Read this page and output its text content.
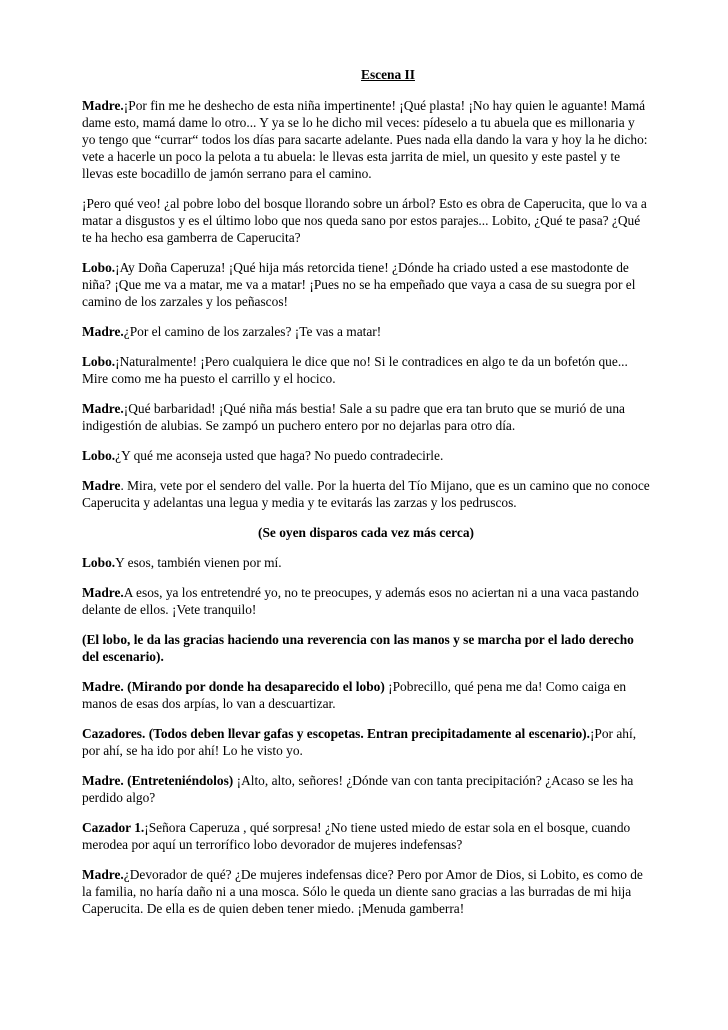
Escena II

Madre.¡Por fin me he deshecho de esta niña impertinente! ¡Qué plasta! ¡No hay quien le aguante! Mamá dame esto, mamá dame lo otro... Y ya se lo he dicho mil veces: pídeselo a tu abuela que es millonaria y yo tengo que “currar“ todos los días para sacarte adelante. Pues nada ella dando la vara y hoy la he dicho: vete a hacerle un poco la pelota a tu abuela: le llevas esta jarrita de miel, un quesito y este pastel y te llevas este bocadillo de jamón serrano para el camino.

¡Pero qué veo! ¿al pobre lobo del bosque llorando sobre un árbol? Esto es obra de Caperucita, que lo va a matar a disgustos y es el último lobo que nos queda sano por estos parajes... Lobito, ¿Qué te pasa? ¿Qué te ha hecho esa gamberra de Caperucita?

Lobo.¡Ay Doña Caperuza! ¡Qué hija más retorcida tiene! ¿Dónde ha criado usted a ese mastodonte de niña? ¡Que me va a matar, me va a matar! ¡Pues no se ha empeñado que vaya a casa de su suegra por el camino de los zarzales y los peñascos!

Madre.¿Por el camino de los zarzales? ¡Te vas a matar!

Lobo.¡Naturalmente! ¡Pero cualquiera le dice que no! Si le contradices en algo te da un bofetón que... Mire como me ha puesto el carrillo y el hocico.

Madre.¡Qué barbaridad! ¡Qué niña más bestia! Sale a su padre que era tan bruto que se murió de una indigestión de alubias. Se zampó un puchero entero por no dejarlas para otro día.

Lobo.¿Y qué me aconseja usted que haga? No puedo contradecirle.

Madre. Mira, vete por el sendero del valle. Por la huerta del Tío Mijano, que es un camino que no conoce Caperucita y adelantas una legua y media y te evitarás las zarzas y los pedruscos.

(Se oyen disparos cada vez más cerca)

Lobo.Y esos, también vienen por mí.

Madre.A esos, ya los entretendré yo, no te preocupes, y además esos no aciertan ni a una vaca pastando delante de ellos. ¡Vete tranquilo!

(El lobo, le da las gracias haciendo una reverencia con las manos y se marcha por el lado derecho del escenario).

Madre. (Mirando por donde ha desaparecido el lobo) ¡Pobrecillo, qué pena me da! Como caiga en manos de esas dos arpías, lo van a descuartizar.

Cazadores. (Todos deben llevar gafas y escopetas. Entran precipitadamente al escenario).¡Por ahí, por ahí, se ha ido por ahí! Lo he visto yo.

Madre. (Entreteniéndolos) ¡Alto, alto, señores! ¿Dónde van con tanta precipitación? ¿Acaso se les ha perdido algo?

Cazador 1.¡Señora Caperuza , qué sorpresa! ¿No tiene usted miedo de estar sola en el bosque, cuando merodea por aquí un terrorífico lobo devorador de mujeres indefensas?

Madre.¿Devorador de qué? ¿De mujeres indefensas dice? Pero por Amor de Dios, si Lobito, es como de la familia, no haría daño ni a una mosca. Sólo le queda un diente sano gracias a las burradas de mi hija Caperucita. De ella es de quien deben tener miedo. ¡Menuda gamberra!
